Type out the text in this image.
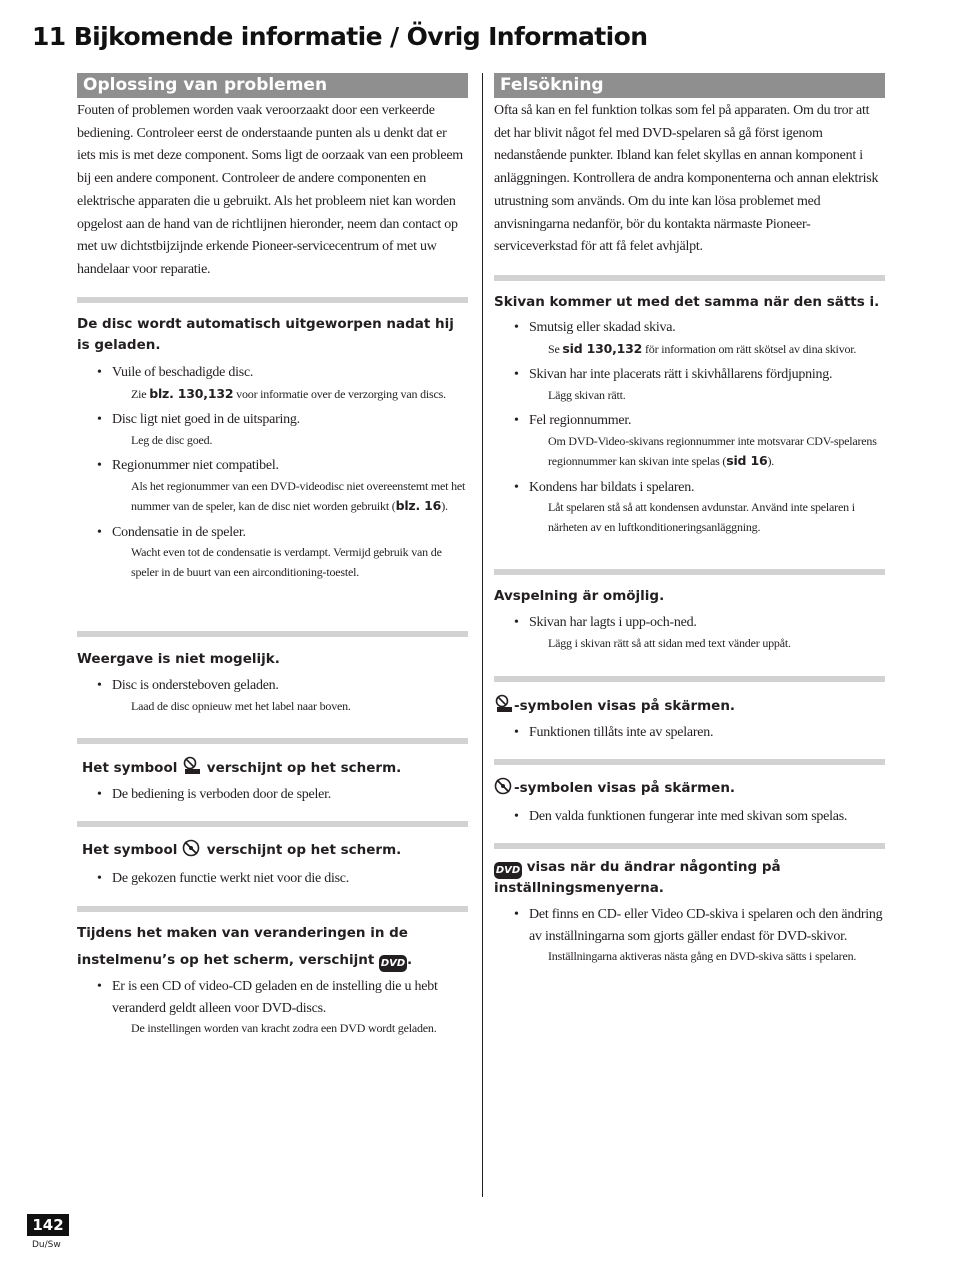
11 Bijkomende informatie / Övrig Information
Oplossing van problemen

Fouten of problemen worden vaak veroorzaakt door een verkeerde bediening. Controleer eerst de onderstaande punten als u denkt dat er iets mis is met deze component. Soms ligt de oorzaak van een probleem bij een andere component. Controleer de andere componenten en elektrische apparaten die u gebruikt. Als het probleem niet kan worden opgelost aan de hand van de richtlijnen hieronder, neem dan contact op met uw dichtstbijzijnde erkende Pioneer-servicecentrum of met uw handelaar voor reparatie.

De disc wordt automatisch uitgeworpen nadat hij is geladen.

• Vuile of beschadigde disc.
Zie blz. 130,132 voor informatie over de verzorging van discs.
• Disc ligt niet goed in de uitsparing.
Leg de disc goed.
• Regionummer niet compatibel.
Als het regionummer van een DVD-videodisc niet overeenstemt met het nummer van de speler, kan de disc niet worden gebruikt (blz. 16).
• Condensatie in de speler.
Wacht even tot de condensatie is verdampt. Vermijd gebruik van de speler in de buurt van een airconditioning-toestel.

Weergave is niet mogelijk.

• Disc is ondersteboven geladen.
Laad de disc opnieuw met het label naar boven.

Het symbool verschijnt op het scherm.

• De bediening is verboden door de speler.

Het symbool verschijnt op het scherm.

• De gekozen functie werkt niet voor die disc.

Tijdens het maken van veranderingen in de instelmenu’s op het scherm, verschijnt DVD .

• Er is een CD of video-CD geladen en de instelling die u hebt veranderd geldt alleen voor DVD-discs.
De instellingen worden van kracht zodra een DVD wordt geladen.
Felsökning

Ofta så kan en fel funktion tolkas som fel på apparaten. Om du tror att det har blivit något fel med DVD-spelaren så gå först igenom nedanstående punkter. Ibland kan felet skyllas en annan komponent i anläggningen. Kontrollera de andra komponenterna och annan elektrisk utrustning som används. Om du inte kan lösa problemet med anvisningarna nedanför, bör du kontakta närmaste Pioneer-serviceverkstad för att få felet avhjälpt.

Skivan kommer ut med det samma när den sätts i.

• Smutsig eller skadad skiva.
Se sid 130,132 för information om rätt skötsel av dina skivor.
• Skivan har inte placerats rätt i skivhållarens fördjupning.
Lägg skivan rätt.
• Fel regionnummer.
Om DVD-Video-skivans regionnummer inte motsvarar CDV-spelarens regionnummer kan skivan inte spelas (sid 16).
• Kondens har bildats i spelaren.
Låt spelaren stå så att kondensen avdunstar. Använd inte spelaren i närheten av en luftkonditioneringsanläggning.

Avspelning är omöjlig.

• Skivan har lagts i upp-och-ned.
Lägg i skivan rätt så att sidan med text vänder uppåt.

-symbolen visas på skärmen.

• Funktionen tillåts inte av spelaren.

-symbolen visas på skärmen.

• Den valda funktionen fungerar inte med skivan som spelas.

DVD visas när du ändrar någonting på inställningsmenyerna.

• Det finns en CD- eller Video CD-skiva i spelaren och den ändring av inställningarna som gjorts gäller endast för DVD-skivor.
Inställningarna aktiveras nästa gång en DVD-skiva sätts i spelaren.
142
Du/Sw
